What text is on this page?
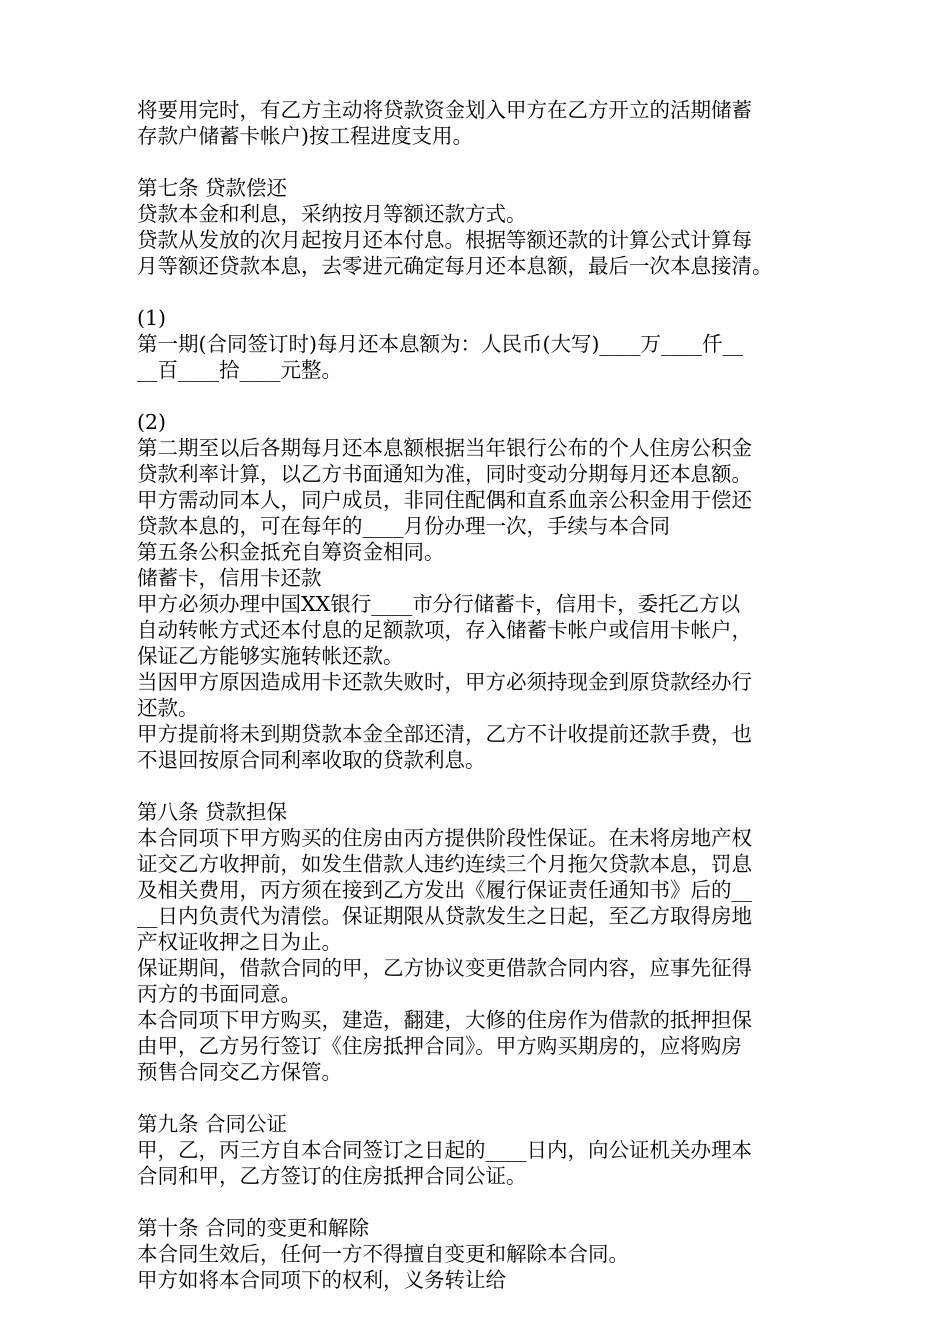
将要用完时，有乙方主动将贷款资金划入甲方在乙方开立的活期储蓄
存款户储蓄卡帐户)按工程进度支用。
第七条 贷款偿还
贷款本金和利息，采纳按月等额还款方式。
贷款从发放的次月起按月还本付息。根据等额还款的计算公式计算每
月等额还贷款本息，去零进元确定每月还本息额，最后一次本息接清。
(1)
第一期(合同签订时)每月还本息额为：人民币(大写)____万____仟__
__百____拾____元整。
(2)
第二期至以后各期每月还本息额根据当年银行公布的个人住房公积金
贷款利率计算，以乙方书面通知为准，同时变动分期每月还本息额。
甲方需动同本人，同户成员，非同住配偶和直系血亲公积金用于偿还
贷款本息的，可在每年的____月份办理一次，手续与本合同
第五条公积金抵充自筹资金相同。
储蓄卡，信用卡还款
甲方必须办理中国XX银行____市分行储蓄卡，信用卡，委托乙方以
自动转帐方式还本付息的足额款项，存入储蓄卡帐户或信用卡帐户，
保证乙方能够实施转帐还款。
当因甲方原因造成用卡还款失败时，甲方必须持现金到原贷款经办行
还款。
甲方提前将未到期贷款本金全部还清，乙方不计收提前还款手费，也
不退回按原合同利率收取的贷款利息。
第八条 贷款担保
本合同项下甲方购买的住房由丙方提供阶段性保证。在未将房地产权
证交乙方收押前，如发生借款人违约连续三个月拖欠贷款本息，罚息
及相关费用，丙方须在接到乙方发出《履行保证责任通知书》后的__
__日内负责代为清偿。保证期限从贷款发生之日起，至乙方取得房地
产权证收押之日为止。
保证期间，借款合同的甲，乙方协议变更借款合同内容，应事先征得
丙方的书面同意。
本合同项下甲方购买，建造，翻建，大修的住房作为借款的抵押担保
由甲，乙方另行签订《住房抵押合同》。甲方购买期房的，应将购房
预售合同交乙方保管。
第九条 合同公证
甲，乙，丙三方自本合同签订之日起的____日内，向公证机关办理本
合同和甲，乙方签订的住房抵押合同公证。
第十条 合同的变更和解除
本合同生效后，任何一方不得擅自变更和解除本合同。
甲方如将本合同项下的权利，义务转让给
